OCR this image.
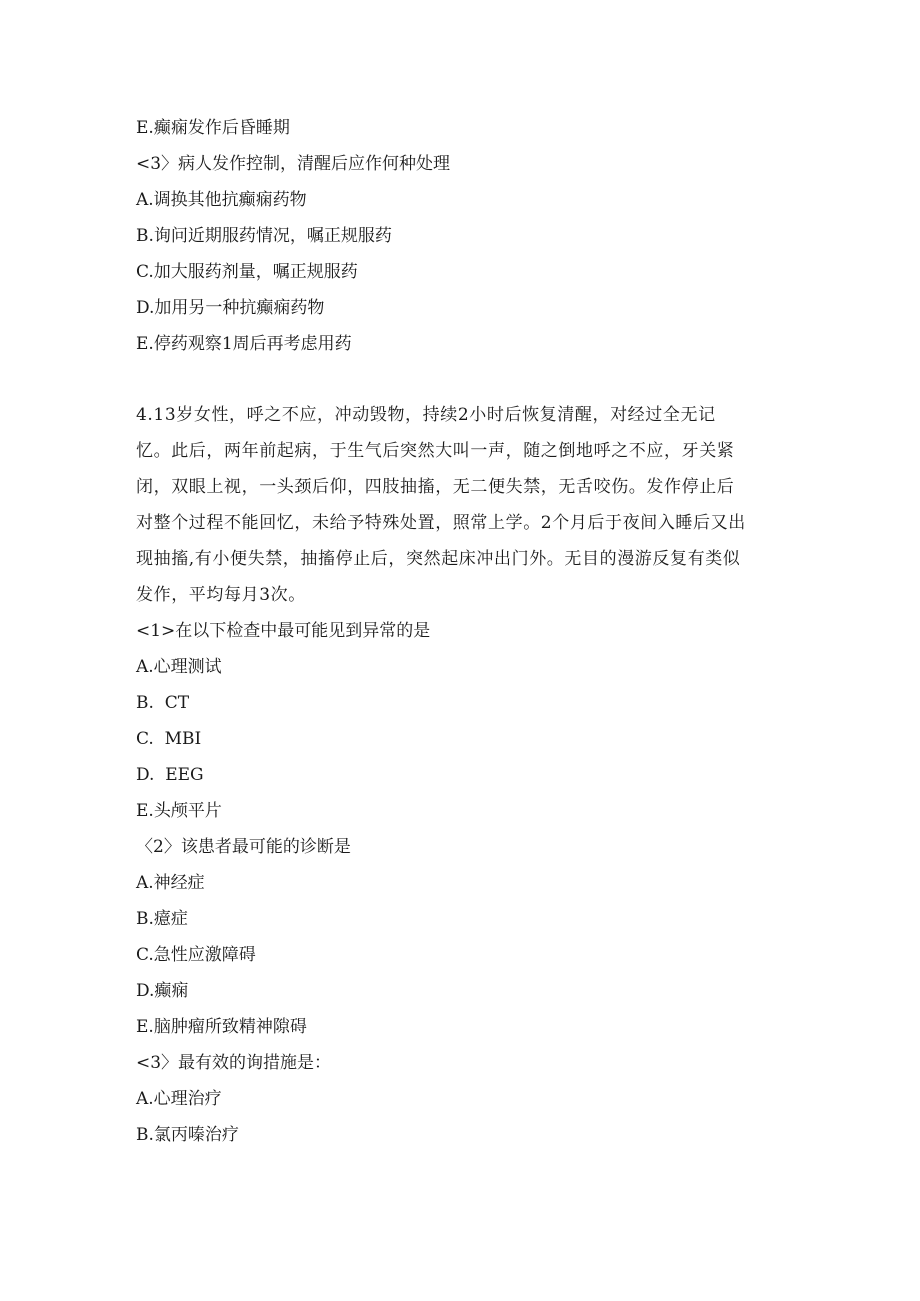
E.癫痫发作后昏睡期
<3〉病人发作控制，清醒后应作何种处理
A.调换其他抗癫痫药物
B.询问近期服药情况，嘱正规服药
C.加大服药剂量，嘱正规服药
D.加用另一种抗癫痫药物
E.停药观察1周后再考虑用药
4.13岁女性，呼之不应，冲动毁物，持续2小时后恢复清醒，对经过全无记
忆。此后，两年前起病，于生气后突然大叫一声，随之倒地呼之不应，牙关紧
闭，双眼上视，一头颈后仰，四肢抽搐，无二便失禁，无舌咬伤。发作停止后
对整个过程不能回忆，未给予特殊处置，照常上学。2个月后于夜间入睡后又出
现抽搐,有小便失禁，抽搐停止后，突然起床冲出门外。无目的漫游反复有类似
发作，平均每月3次。
<1>在以下检查中最可能见到异常的是
A.心理测试
B.  CT
C.  MBI
D.  EEG
E.头颅平片
〈2〉该患者最可能的诊断是
A.神经症
B.癔症
C.急性应激障碍
D.癫痫
E.脑肿瘤所致精神隙碍
<3〉最有效的询措施是：
A.心理治疗
B.氯丙嗪治疗
